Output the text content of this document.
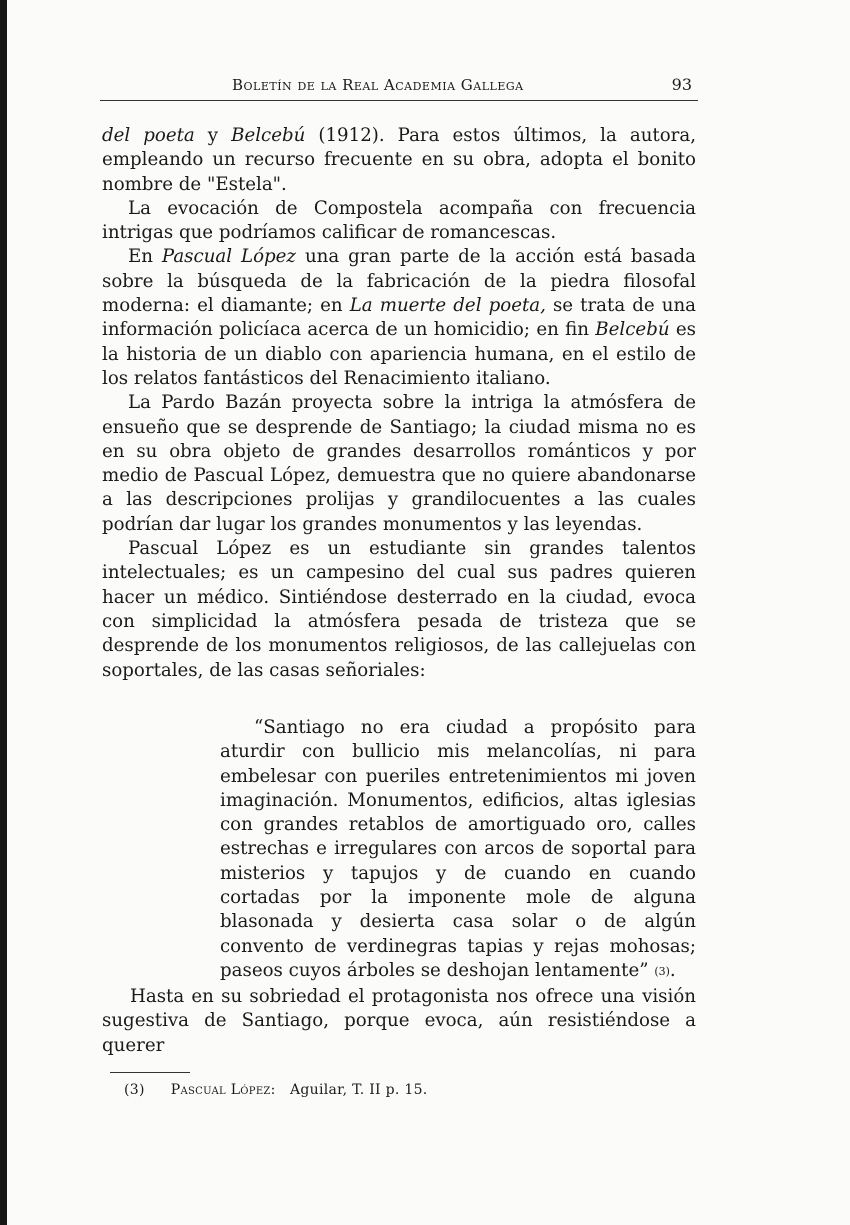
Boletín de la Real Academia Gallega	93

del poeta y Belcebú (1912). Para estos últimos, la autora, empleando un recurso frecuente en su obra, adopta el bonito nombre de "Estela".

La evocación de Compostela acompaña con frecuencia intrigas que podríamos calificar de romancescas.

En Pascual López una gran parte de la acción está basada sobre la búsqueda de la fabricación de la piedra filosofal moderna: el diamante; en La muerte del poeta, se trata de una información policíaca acerca de un homicidio; en fin Belcebú es la historia de un diablo con apariencia humana, en el estilo de los relatos fantásticos del Renacimiento italiano.

La Pardo Bazán proyecta sobre la intriga la atmósfera de ensueño que se desprende de Santiago; la ciudad misma no es en su obra objeto de grandes desarrollos románticos y por medio de Pascual López, demuestra que no quiere abandonarse a las descripciones prolijas y grandilocuentes a las cuales podrían dar lugar los grandes monumentos y las leyendas.

Pascual López es un estudiante sin grandes talentos intelectuales; es un campesino del cual sus padres quieren hacer un médico. Sintiéndose desterrado en la ciudad, evoca con simplicidad la atmósfera pesada de tristeza que se desprende de los monumentos religiosos, de las callejuelas con soportales, de las casas señoriales:

“Santiago no era ciudad a propósito para aturdir con bullicio mis melancolías, ni para embelesar con pueriles entretenimientos mi joven imaginación. Monumentos, edificios, altas iglesias con grandes retablos de amortiguado oro, calles estrechas e irregulares con arcos de soportal para misterios y tapujos y de cuando en cuando cortadas por la imponente mole de alguna blasonada y desierta casa solar o de algún convento de verdinegras tapias y rejas mohosas; paseos cuyos árboles se deshojan lentamente” (3).

Hasta en su sobriedad el protagonista nos ofrece una visión sugestiva de Santiago, porque evoca, aún resistiéndose a querer

(3) Pascual López: Aguilar, T. II p. 15.
